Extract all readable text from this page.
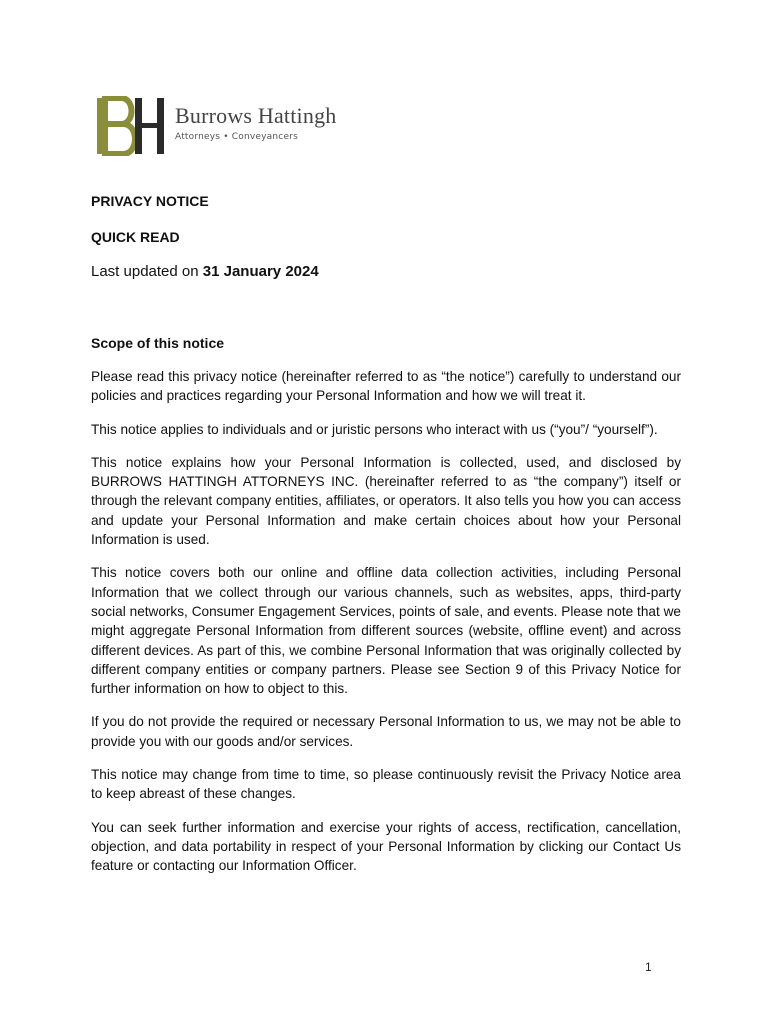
Burrows Hattingh
Attorneys • Conveyancers
PRIVACY NOTICE
QUICK READ
Last updated on 31 January 2024
Scope of this notice

Please read this privacy notice (hereinafter referred to as “the notice”) carefully to understand our policies and practices regarding your Personal Information and how we will treat it.

This notice applies to individuals and or juristic persons who interact with us (“you”/ “yourself”).

This notice explains how your Personal Information is collected, used, and disclosed by BURROWS HATTINGH ATTORNEYS INC. (hereinafter referred to as “the company”) itself or through the relevant company entities, affiliates, or operators. It also tells you how you can access and update your Personal Information and make certain choices about how your Personal Information is used.

This notice covers both our online and offline data collection activities, including Personal Information that we collect through our various channels, such as websites, apps, third-party social networks, Consumer Engagement Services, points of sale, and events. Please note that we might aggregate Personal Information from different sources (website, offline event) and across different devices. As part of this, we combine Personal Information that was originally collected by different company entities or company partners. Please see Section 9 of this Privacy Notice for further information on how to object to this.

If you do not provide the required or necessary Personal Information to us, we may not be able to provide you with our goods and/or services.

This notice may change from time to time, so please continuously revisit the Privacy Notice area to keep abreast of these changes.

You can seek further information and exercise your rights of access, rectification, cancellation, objection, and data portability in respect of your Personal Information by clicking our Contact Us feature or contacting our Information Officer.

1
